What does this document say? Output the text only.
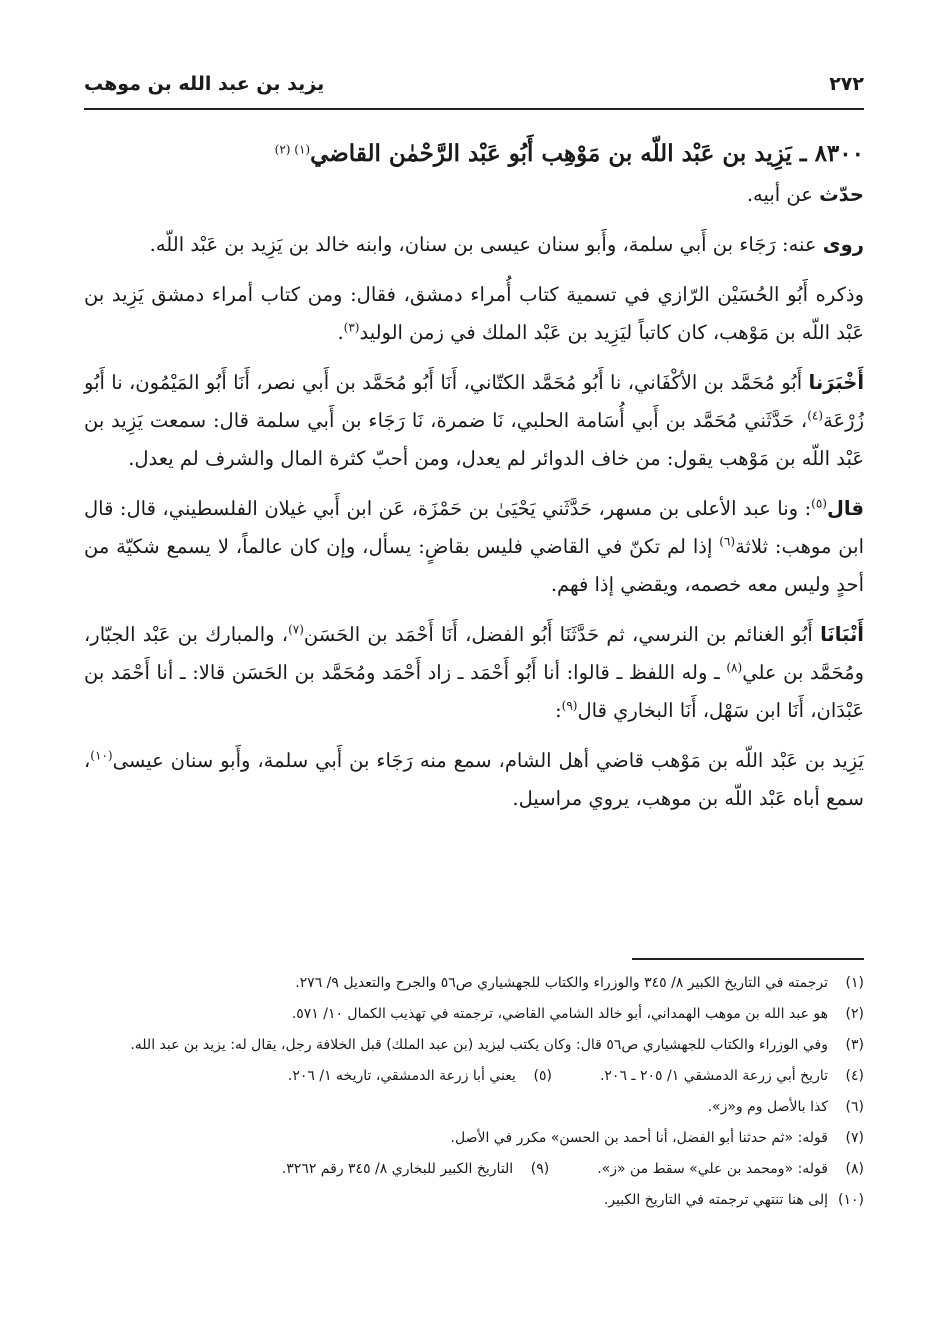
٢٧٢
يزيد بن عبد الله بن موهب

٨٣٠٠ ـ يَزِيد بن عَبْد اللّه بن مَوْهِب أَبُو عَبْد الرَّحْمٰن القاضي$^{(١) (٢)}$
حدّث عن أبيه.

روى عنه: رَجَاء بن أَبي سلمة، وأَبو سنان عيسى بن سنان، وابنه خالد بن يَزِيد بن عَبْد اللّه.

وذكره أَبُو الحُسَيْن الرّازي في تسمية كتاب أُمراء دمشق، فقال: ومن كتاب أمراء دمشق يَزِيد بن عَبْد اللّه بن مَوْهب، كان كاتباً ليَزِيد بن عَبْد الملك في زمن الوليد$^{(٣)}$.

أَخْبَرَنا أَبُو مُحَمَّد بن الأكْفَاني، نا أَبُو مُحَمَّد الكتّاني، أَنَا أَبُو مُحَمَّد بن أَبي نصر، أَنَا أَبُو المَيْمُون، نا أَبُو زُرْعَة$^{(٤)}$، حَدَّثَني مُحَمَّد بن أَبي أُسَامة الحلبي، نَا ضمرة، نَا رَجَاء بن أَبي سلمة قال: سمعت يَزِيد بن عَبْد اللّه بن مَوْهب يقول: من خاف الدوائر لم يعدل، ومن أحبّ كثرة المال والشرف لم يعدل.

قال$^{(٥)}$: ونا عبد الأعلى بن مسهر، حَدَّثَني يَحْيَىٰ بن حَمْزَة، عَن ابن أَبي غيلان الفلسطيني، قال: قال ابن موهب: ثلاثة$^{(٦)}$ إذا لم تكنّ في القاضي فليس بقاضٍ: يسأل، وإن كان عالماً، لا يسمع شكيّة من أحدٍ وليس معه خصمه، ويقضي إذا فهم.

أَنْبَانَا أَبُو الغنائم بن النرسي، ثم حَدَّثَنَا أَبُو الفضل، أَنَا أَحْمَد بن الحَسَن$^{(٧)}$، والمبارك بن عَبْد الجبّار، ومُحَمَّد بن علي$^{(٨)}$ ـ وله اللفظ ـ قالوا: أنا أَبُو أَحْمَد ـ زاد أَحْمَد ومُحَمَّد بن الحَسَن قالا: ـ أنا أَحْمَد بن عَبْدَان، أَنَا ابن سَهْل، أَنَا البخاري قال$^{(٩)}$:

يَزِيد بن عَبْد اللّه بن مَوْهب قاضي أهل الشام، سمع منه رَجَاء بن أَبي سلمة، وأَبو سنان عيسى$^{(١٠)}$، سمع أباه عَبْد اللّه بن موهب، يروي مراسيل.

(١)
ترجمته في التاريخ الكبير ٨/ ٣٤٥ والوزراء والكتاب للجهشياري ص٥٦ والجرح والتعديل ٩/ ٢٧٦.
(٢)
هو عبد الله بن موهب الهمداني، أبو خالد الشامي القاضي، ترجمته في تهذيب الكمال ١٠/ ٥٧١.
(٣)
وفي الوزراء والكتاب للجهشياري ص٥٦ قال: وكان يكتب ليزيد (بن عبد الملك) قبل الخلافة رجل، يقال له: يزيد بن عبد الله.
(٤)
تاريخ أبي زرعة الدمشقي ١/ ٢٠٥ ـ ٢٠٦.
(٥)
يعني أبا زرعة الدمشقي، تاريخه ١/ ٢٠٦.
(٦)
كذا بالأصل وم و«ز».
(٧)
قوله: «ثم حدثنا أبو الفضل، أنا أحمد بن الحسن» مكرر في الأصل.
(٨)
قوله: «ومحمد بن علي» سقط من «ز».
(٩)
التاريخ الكبير للبخاري ٨/ ٣٤٥ رقم ٣٢٦٢.
(١٠)
إلى هنا تنتهي ترجمته في التاريخ الكبير.
